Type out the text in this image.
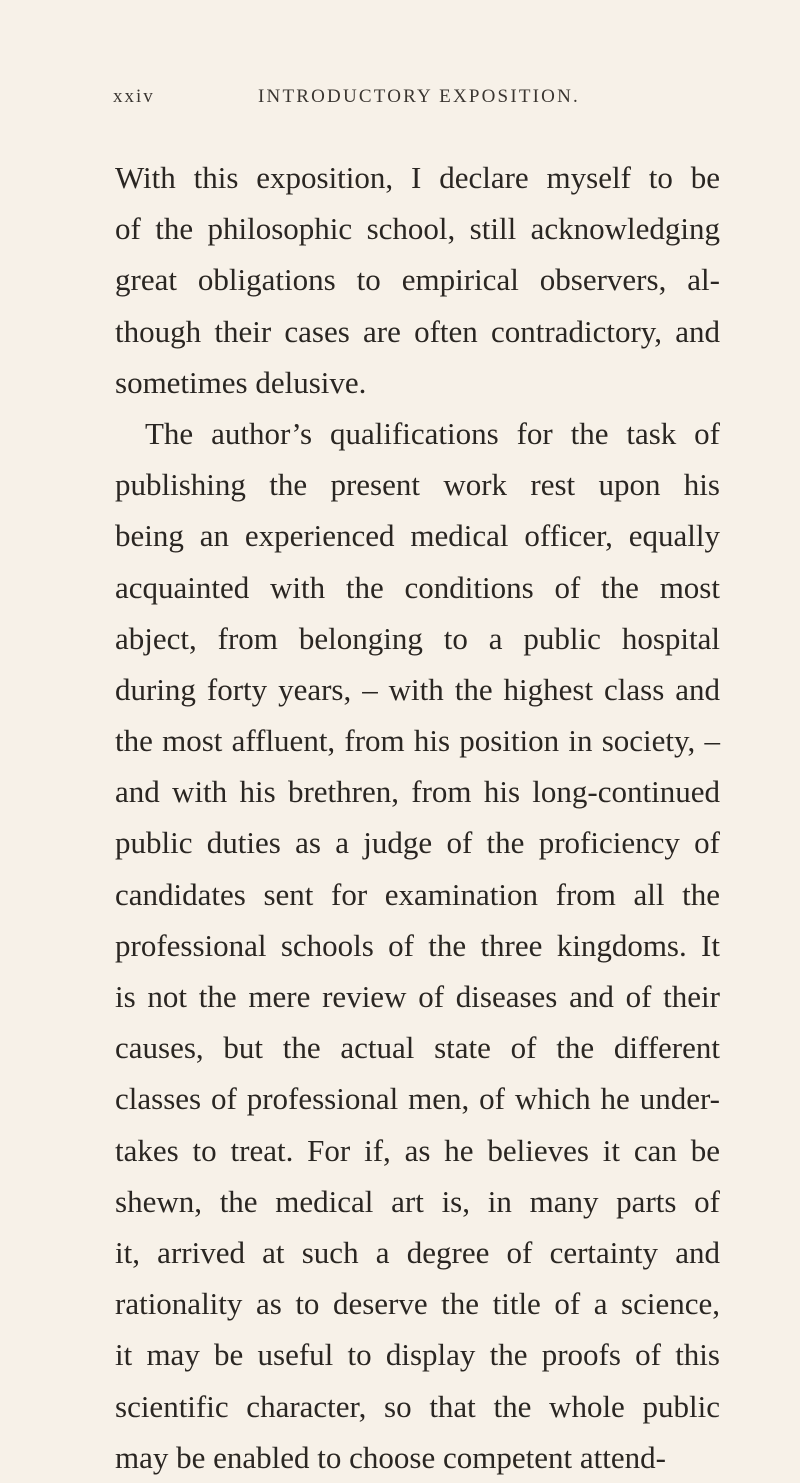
xxiv	INTRODUCTORY EXPOSITION.
With this exposition, I declare myself to be
of the philosophic school, still acknowledging
great obligations to empirical observers, al-
though their cases are often contradictory, and
sometimes delusive.
The author’s qualifications for the task of
publishing the present work rest upon his
being an experienced medical officer, equally
acquainted with the conditions of the most
abject, from belonging to a public hospital
during forty years, – with the highest class and
the most affluent, from his position in society, –
and with his brethren, from his long-continued
public duties as a judge of the proficiency of
candidates sent for examination from all the
professional schools of the three kingdoms. It
is not the mere review of diseases and of their
causes, but the actual state of the different
classes of professional men, of which he under-
takes to treat. For if, as he believes it can be
shewn, the medical art is, in many parts of
it, arrived at such a degree of certainty and
rationality as to deserve the title of a science,
it may be useful to display the proofs of this
scientific character, so that the whole public
may be enabled to choose competent attend-
